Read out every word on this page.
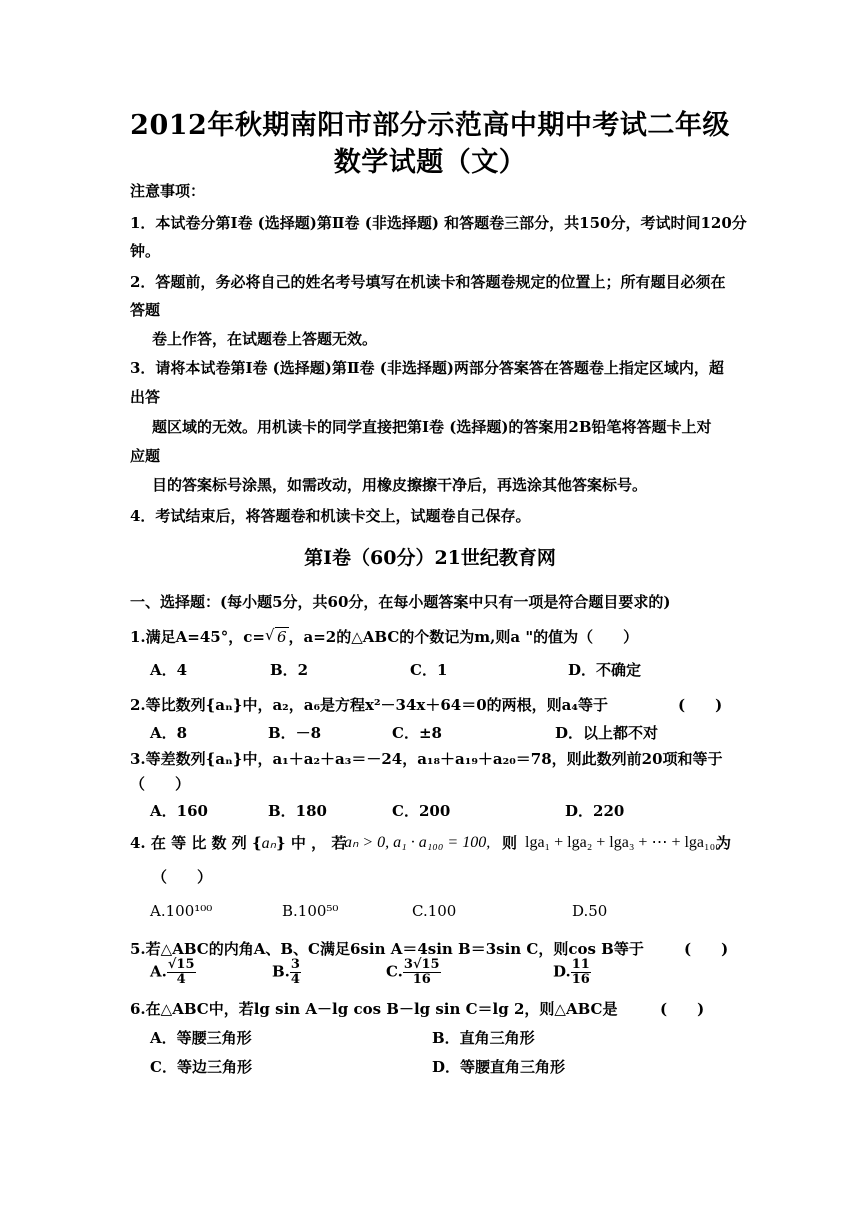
2012年秋期南阳市部分示范高中期中考试二年级
数学试题（文）
注意事项：
1．本试卷分第Ⅰ卷 (选择题)第Ⅱ卷 (非选择题) 和答题卷三部分，共150分，考试时间120分
钟。
2．答题前，务必将自己的姓名考号填写在机读卡和答题卷规定的位置上；所有题目必须在
答题
卷上作答，在试题卷上答题无效。
3．请将本试卷第Ⅰ卷 (选择题)第Ⅱ卷 (非选择题)两部分答案答在答题卷上指定区域内，超
出答
题区域的无效。用机读卡的同学直接把第Ⅰ卷 (选择题)的答案用2B铅笔将答题卡上对
应题
目的答案标号涂黑，如需改动，用橡皮擦擦干净后，再选涂其他答案标号。
4．考试结束后，将答题卷和机读卡交上，试题卷自己保存。
第Ⅰ卷（60分）21世纪教育网
一、选择题：(每小题5分，共60分，在每小题答案中只有一项是符合题目要求的)
1.满足A=45°，c= √ 6 ，a=2的△ABC的个数记为m,则a "的值为（　　）
A．4	B．2	C．1	D．不确定
2.等比数列{aₙ}中，a₂，a₆是方程x²－34x＋64＝0的两根，则a₄等于	(　　)
A．8	B．－8	C．±8	D．以上都不对
3.等差数列{aₙ}中，a₁＋a₂＋a₃＝－24，a₁₈＋a₁₉＋a₂₀＝78，则此数列前20项和等于
（　　）
A．160	B．180	C．200	D．220
4. 在 等 比 数 列 {aₙ} 中 ， 若
aₙ > 0, a₁ · a₁₀₀ = 100, 则 lga₁ + lga₂ + lga₃ + ⋯ + lga₁₀₀
为
（　　）
A.100¹⁰⁰	B.100⁵⁰	C.100	D.50
5.若△ABC的内角A、B、C满足6sin A＝4sin B＝3sin C，则cos B等于	(　　)
A. $\frac{√15}{4}$	B. $\frac{3}{4}$	C. $\frac{3√15}{16}$	D. $\frac{11}{16}$
6.在△ABC中，若lg sin A－lg cos B－lg sin C＝lg 2，则△ABC是	(　　)
A．等腰三角形	B．直角三角形
C．等边三角形	D．等腰直角三角形
